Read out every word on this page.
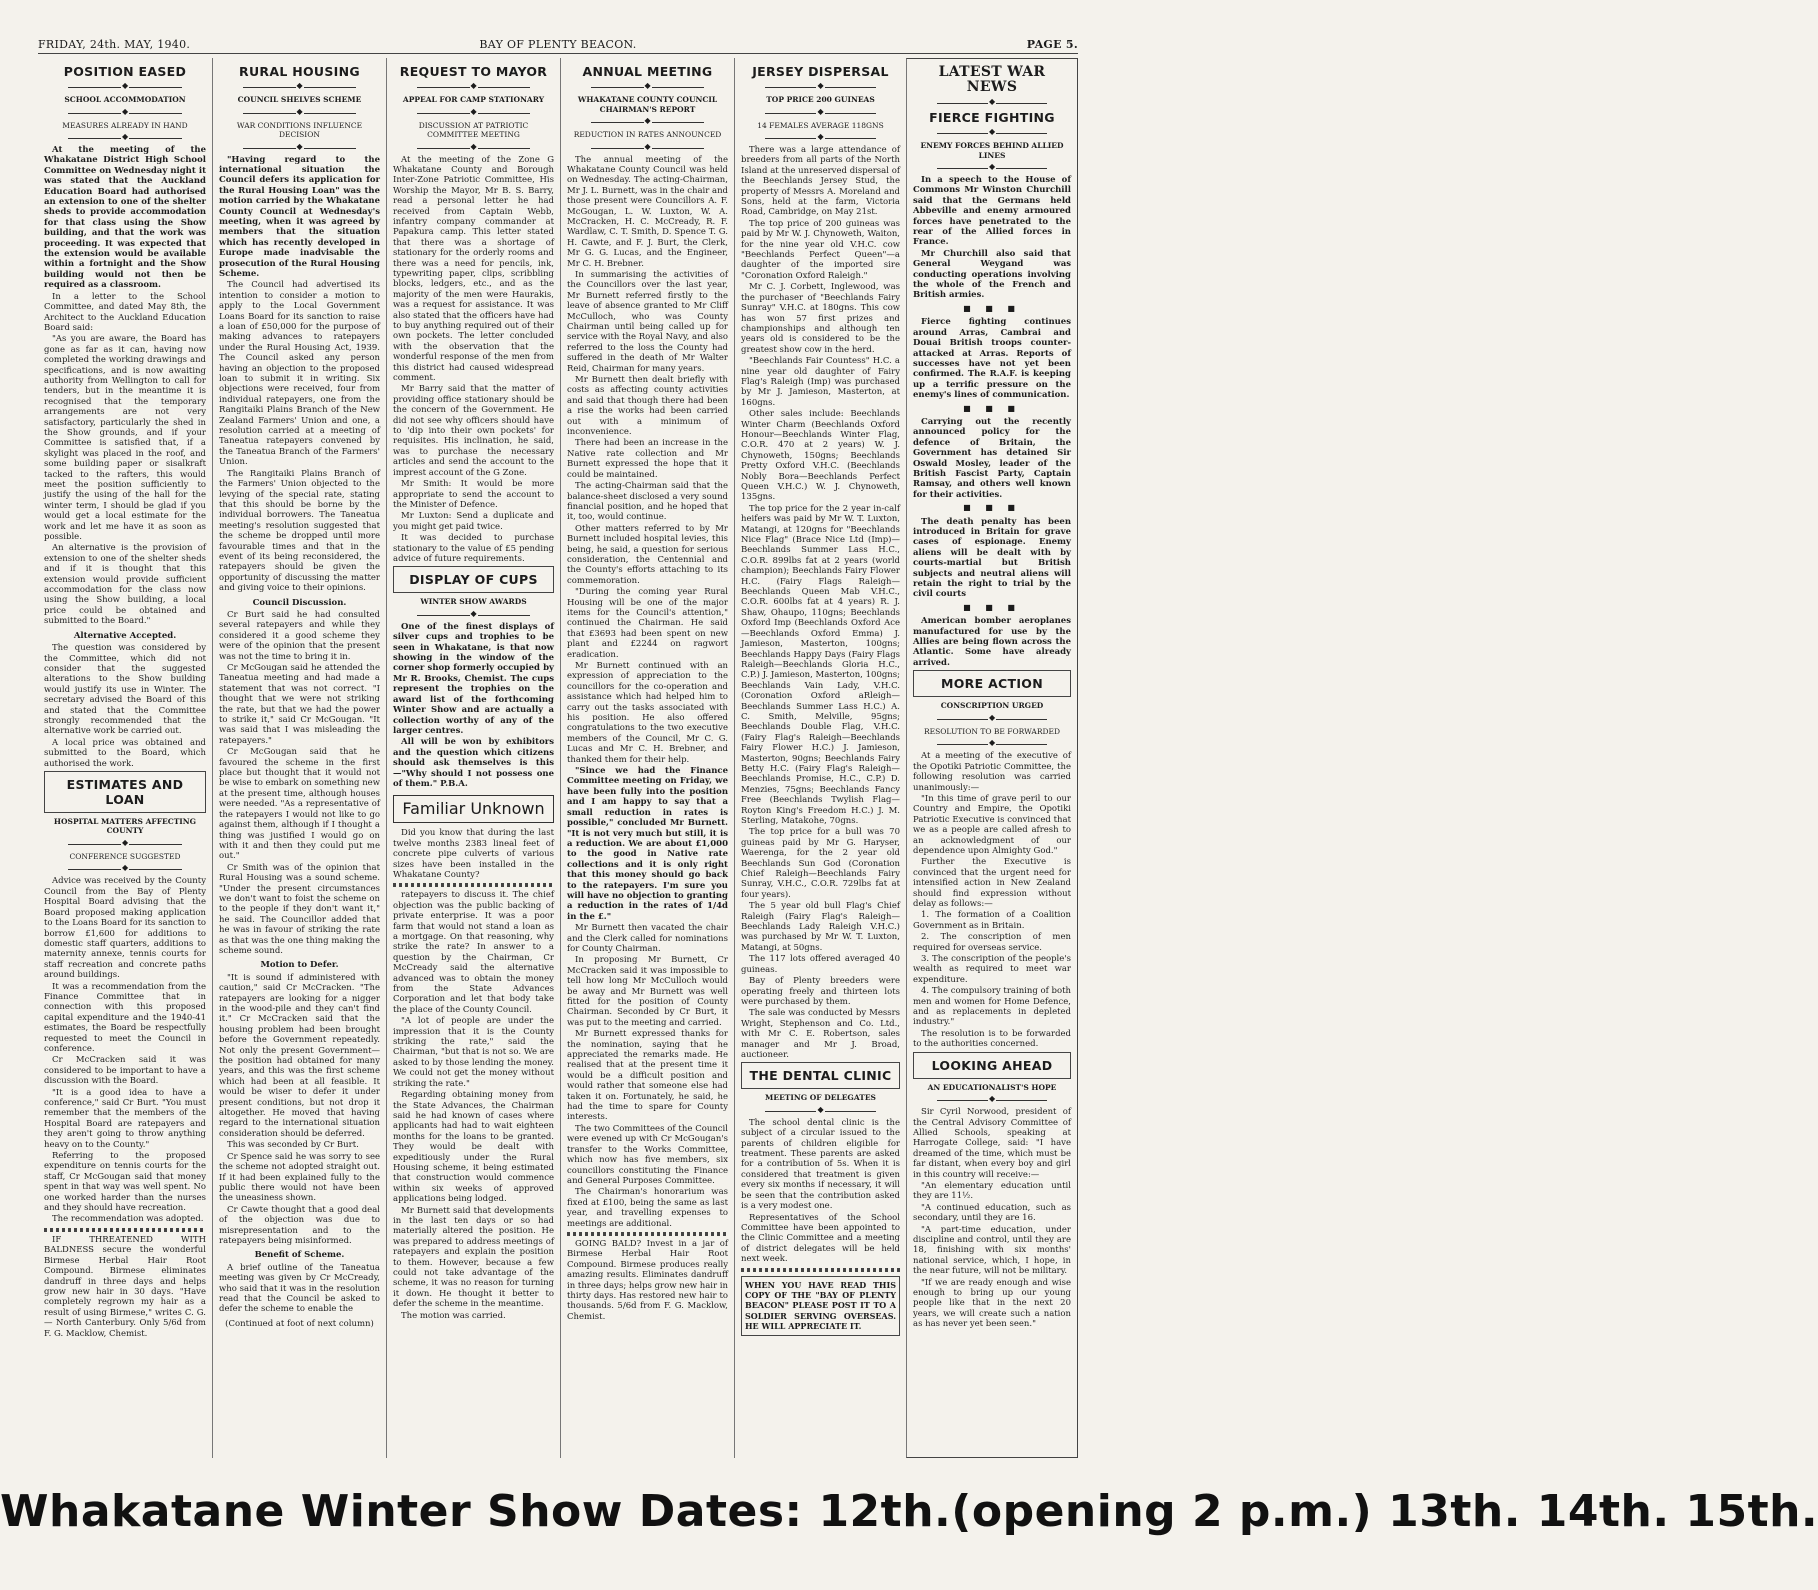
FRIDAY, 24th. MAY, 1940.	BAY OF PLENTY BEACON.	PAGE 5.
POSITION EASED
◆
SCHOOL ACCOMMODATION
◆
MEASURES ALREADY IN HAND
◆

At the meeting of the Whakatane District High School Committee on Wednesday night it was stated that the Auckland Education Board had authorised an extension to one of the shelter sheds to provide accommodation for that class using the Show building, and that the work was proceeding. It was expected that the extension would be available within a fortnight and the Show building would not then be required as a classroom.

In a letter to the School Committee, and dated May 8th, the Architect to the Auckland Education Board said:

"As you are aware, the Board has gone as far as it can, having now completed the working drawings and specifications, and is now awaiting authority from Wellington to call for tenders, but in the meantime it is recognised that the temporary arrangements are not very satisfactory, particularly the shed in the Show grounds, and if your Committee is satisfied that, if a skylight was placed in the roof, and some building paper or sisalkraft tacked to the rafters, this would meet the position sufficiently to justify the using of the hall for the winter term, I should be glad if you would get a local estimate for the work and let me have it as soon as possible.

An alternative is the provision of extension to one of the shelter sheds and if it is thought that this extension would provide sufficient accommodation for the class now using the Show building, a local price could be obtained and submitted to the Board."

Alternative Accepted.

The question was considered by the Committee, which did not consider that the suggested alterations to the Show building would justify its use in Winter. The secretary advised the Board of this and stated that the Committee strongly recommended that the alternative work be carried out.

A local price was obtained and submitted to the Board, which authorised the work.

ESTIMATES AND LOAN
HOSPITAL MATTERS AFFECTING COUNTY
◆
CONFERENCE SUGGESTED
◆

Advice was received by the County Council from the Bay of Plenty Hospital Board advising that the Board proposed making application to the Loans Board for its sanction to borrow £1,600 for additions to domestic staff quarters, additions to maternity annexe, tennis courts for staff recreation and concrete paths around buildings.

It was a recommendation from the Finance Committee that in connection with this proposed capital expenditure and the 1940-41 estimates, the Board be respectfully requested to meet the Council in conference.

Cr McCracken said it was considered to be important to have a discussion with the Board.

"It is a good idea to have a conference," said Cr Burt. "You must remember that the members of the Hospital Board are ratepayers and they aren't going to throw anything heavy on to the County."

Referring to the proposed expenditure on tennis courts for the staff, Cr McGougan said that money spent in that way was well spent. No one worked harder than the nurses and they should have recreation.

The recommendation was adopted.

IF THREATENED WITH BALDNESS secure the wonderful Birmese Herbal Hair Root Compound. Birmese eliminates dandruff in three days and helps grow new hair in 30 days. "Have completely regrown my hair as a result of using Birmese," writes C. G. — North Canterbury. Only 5/6d from F. G. Macklow, Chemist.

RURAL HOUSING
◆
COUNCIL SHELVES SCHEME
◆
WAR CONDITIONS INFLUENCE DECISION
◆

"Having regard to the international situation the Council defers its application for the Rural Housing Loan" was the motion carried by the Whakatane County Council at Wednesday's meeting, when it was agreed by members that the situation which has recently developed in Europe made inadvisable the prosecution of the Rural Housing Scheme.

The Council had advertised its intention to consider a motion to apply to the Local Government Loans Board for its sanction to raise a loan of £50,000 for the purpose of making advances to ratepayers under the Rural Housing Act, 1939. The Council asked any person having an objection to the proposed loan to submit it in writing. Six objections were received, four from individual ratepayers, one from the Rangitaiki Plains Branch of the New Zealand Farmers' Union and one, a resolution carried at a meeting of Taneatua ratepayers convened by the Taneatua Branch of the Farmers' Union.

The Rangitaiki Plains Branch of the Farmers' Union objected to the levying of the special rate, stating that this should be borne by the individual borrowers. The Taneatua meeting's resolution suggested that the scheme be dropped until more favourable times and that in the event of its being reconsidered, the ratepayers should be given the opportunity of discussing the matter and giving voice to their opinions.

Council Discussion.

Cr Burt said he had consulted several ratepayers and while they considered it a good scheme they were of the opinion that the present was not the time to bring it in.

Cr McGougan said he attended the Taneatua meeting and had made a statement that was not correct. "I thought that we were not striking the rate, but that we had the power to strike it," said Cr McGougan. "It was said that I was misleading the ratepayers."

Cr McGougan said that he favoured the scheme in the first place but thought that it would not be wise to embark on something new at the present time, although houses were needed. "As a representative of the ratepayers I would not like to go against them, although if I thought a thing was justified I would go on with it and then they could put me out."

Cr Smith was of the opinion that Rural Housing was a sound scheme. "Under the present circumstances we don't want to foist the scheme on to the people if they don't want it," he said. The Councillor added that he was in favour of striking the rate as that was the one thing making the scheme sound.

Motion to Defer.

"It is sound if administered with caution," said Cr McCracken. "The ratepayers are looking for a nigger in the wood-pile and they can't find it." Cr McCracken said that the housing problem had been brought before the Government repeatedly. Not only the present Government—the position had obtained for many years, and this was the first scheme which had been at all feasible. It would be wiser to defer it under present conditions, but not drop it altogether. He moved that having regard to the international situation consideration should be deferred.

This was seconded by Cr Burt.

Cr Spence said he was sorry to see the scheme not adopted straight out. If it had been explained fully to the public there would not have been the uneasiness shown.

Cr Cawte thought that a good deal of the objection was due to misrepresentation and to the ratepayers being misinformed.

Benefit of Scheme.

A brief outline of the Taneatua meeting was given by Cr McCready, who said that it was in the resolution read that the Council be asked to defer the scheme to enable the

(Continued at foot of next column)
REQUEST TO MAYOR
◆
APPEAL FOR CAMP STATIONARY
◆
DISCUSSION AT PATRIOTIC COMMITTEE MEETING
◆

At the meeting of the Zone G Whakatane County and Borough Inter-Zone Patriotic Committee, His Worship the Mayor, Mr B. S. Barry, read a personal letter he had received from Captain Webb, infantry company commander at Papakura camp. This letter stated that there was a shortage of stationary for the orderly rooms and there was a need for pencils, ink, typewriting paper, clips, scribbling blocks, ledgers, etc., and as the majority of the men were Haurakis, was a request for assistance. It was also stated that the officers have had to buy anything required out of their own pockets. The letter concluded with the observation that the wonderful response of the men from this district had caused widespread comment.

Mr Barry said that the matter of providing office stationary should be the concern of the Government. He did not see why officers should have to 'dip into their own pockets' for requisites. His inclination, he said, was to purchase the necessary articles and send the account to the imprest account of the G Zone.

Mr Smith: It would be more appropriate to send the account to the Minister of Defence.

Mr Luxton: Send a duplicate and you might get paid twice.

It was decided to purchase stationary to the value of £5 pending advice of future requirements.

DISPLAY OF CUPS
WINTER SHOW AWARDS
◆

One of the finest displays of silver cups and trophies to be seen in Whakatane, is that now showing in the window of the corner shop formerly occupied by Mr R. Brooks, Chemist. The cups represent the trophies on the award list of the forthcoming Winter Show and are actually a collection worthy of any of the larger centres.

All will be won by exhibitors and the question which citizens should ask themselves is this—"Why should I not possess one of them." P.B.A.

Familiar Unknown

Did you know that during the last twelve months 2383 lineal feet of concrete pipe culverts of various sizes have been installed in the Whakatane County?

ratepayers to discuss it. The chief objection was the public backing of private enterprise. It was a poor farm that would not stand a loan as a mortgage. On that reasoning, why strike the rate? In answer to a question by the Chairman, Cr McCready said the alternative advanced was to obtain the money from the State Advances Corporation and let that body take the place of the County Council.

"A lot of people are under the impression that it is the County striking the rate," said the Chairman, "but that is not so. We are asked to by those lending the money. We could not get the money without striking the rate."

Regarding obtaining money from the State Advances, the Chairman said he had known of cases where applicants had had to wait eighteen months for the loans to be granted. They would be dealt with expeditiously under the Rural Housing scheme, it being estimated that construction would commence within six weeks of approved applications being lodged.

Mr Burnett said that developments in the last ten days or so had materially altered the position. He was prepared to address meetings of ratepayers and explain the position to them. However, because a few could not take advantage of the scheme, it was no reason for turning it down. He thought it better to defer the scheme in the meantime.

The motion was carried.

ANNUAL MEETING
◆
WHAKATANE COUNTY COUNCIL CHAIRMAN'S REPORT
◆
REDUCTION IN RATES ANNOUNCED
◆

The annual meeting of the Whakatane County Council was held on Wednesday. The acting-Chairman, Mr J. L. Burnett, was in the chair and those present were Councillors A. F. McGougan, L. W. Luxton, W. A. McCracken, H. C. McCready, R. F. Wardlaw, C. T. Smith, D. Spence T. G. H. Cawte, and F. J. Burt, the Clerk, Mr G. G. Lucas, and the Engineer, Mr C. H. Brebner.

In summarising the activities of the Councillors over the last year, Mr Burnett referred firstly to the leave of absence granted to Mr Cliff McCulloch, who was County Chairman until being called up for service with the Royal Navy, and also referred to the loss the County had suffered in the death of Mr Walter Reid, Chairman for many years.

Mr Burnett then dealt briefly with costs as affecting county activities and said that though there had been a rise the works had been carried out with a minimum of inconvenience.

There had been an increase in the Native rate collection and Mr Burnett expressed the hope that it could be maintained.

The acting-Chairman said that the balance-sheet disclosed a very sound financial position, and he hoped that it, too, would continue.

Other matters referred to by Mr Burnett included hospital levies, this being, he said, a question for serious consideration, the Centennial and the County's efforts attaching to its commemoration.

"During the coming year Rural Housing will be one of the major items for the Council's attention," continued the Chairman. He said that £3693 had been spent on new plant and £2244 on ragwort eradication.

Mr Burnett continued with an expression of appreciation to the councillors for the co-operation and assistance which had helped him to carry out the tasks associated with his position. He also offered congratulations to the two executive members of the Council, Mr C. G. Lucas and Mr C. H. Brebner, and thanked them for their help.

"Since we had the Finance Committee meeting on Friday, we have been fully into the position and I am happy to say that a small reduction in rates is possible," concluded Mr Burnett. "It is not very much but still, it is a reduction. We are about £1,000 to the good in Native rate collections and it is only right that this money should go back to the ratepayers. I'm sure you will have no objection to granting a reduction in the rates of 1/4d in the £."

Mr Burnett then vacated the chair and the Clerk called for nominations for County Chairman.

In proposing Mr Burnett, Cr McCracken said it was impossible to tell how long Mr McCulloch would be away and Mr Burnett was well fitted for the position of County Chairman. Seconded by Cr Burt, it was put to the meeting and carried.

Mr Burnett expressed thanks for the nomination, saying that he appreciated the remarks made. He realised that at the present time it would be a difficult position and would rather that someone else had taken it on. Fortunately, he said, he had the time to spare for County interests.

The two Committees of the Council were evened up with Cr McGougan's transfer to the Works Committee, which now has five members, six councillors constituting the Finance and General Purposes Committee.

The Chairman's honorarium was fixed at £100, being the same as last year, and travelling expenses to meetings are additional.

GOING BALD? Invest in a jar of Birmese Herbal Hair Root Compound. Birmese produces really amazing results. Eliminates dandruff in three days; helps grow new hair in thirty days. Has restored new hair to thousands. 5/6d from F. G. Macklow, Chemist.

JERSEY DISPERSAL
◆
TOP PRICE 200 GUINEAS
◆
14 FEMALES AVERAGE 118GNS
◆

There was a large attendance of breeders from all parts of the North Island at the unreserved dispersal of the Beechlands Jersey Stud, the property of Messrs A. Moreland and Sons, held at the farm, Victoria Road, Cambridge, on May 21st.

The top price of 200 guineas was paid by Mr W. J. Chynoweth, Waiton, for the nine year old V.H.C. cow "Beechlands Perfect Queen"—a daughter of the imported sire "Coronation Oxford Raleigh."

Mr C. J. Corbett, Inglewood, was the purchaser of "Beechlands Fairy Sunray" V.H.C. at 180gns. This cow has won 57 first prizes and championships and although ten years old is considered to be the greatest show cow in the herd.

"Beechlands Fair Countess" H.C. a nine year old daughter of Fairy Flag's Raleigh (Imp) was purchased by Mr J. Jamieson, Masterton, at 160gns.

Other sales include: Beechlands Winter Charm (Beechlands Oxford Honour—Beechlands Winter Flag, C.O.R. 470 at 2 years) W. J. Chynoweth, 150gns; Beechlands Pretty Oxford V.H.C. (Beechlands Nobly Bora—Beechlands Perfect Queen V.H.C.) W. J. Chynoweth, 135gns.

The top price for the 2 year in-calf heifers was paid by Mr W. T. Luxton, Matangi, at 120gns for "Beechlands Nice Flag" (Brace Nice Ltd (Imp)—Beechlands Summer Lass H.C., C.O.R. 899lbs fat at 2 years (world champion); Beechlands Fairy Flower H.C. (Fairy Flags Raleigh—Beechlands Queen Mab V.H.C., C.O.R. 600lbs fat at 4 years) R. J. Shaw, Ohaupo, 110gns; Beechlands Oxford Imp (Beechlands Oxford Ace—Beechlands Oxford Emma) J. Jamieson, Masterton, 100gns; Beechlands Happy Days (Fairy Flags Raleigh—Beechlands Gloria H.C., C.P.) J. Jamieson, Masterton, 100gns; Beechlands Vain Lady, V.H.C. (Coronation Oxford aRleigh—Beechlands Summer Lass H.C.) A. C. Smith, Melville, 95gns; Beechlands Double Flag, V.H.C. (Fairy Flag's Raleigh—Beechlands Fairy Flower H.C.) J. Jamieson, Masterton, 90gns; Beechlands Fairy Betty H.C. (Fairy Flag's Raleigh—Beechlands Promise, H.C., C.P.) D. Menzies, 75gns; Beechlands Fancy Free (Beechlands Twylish Flag—Royton King's Freedom H.C.) J. M. Sterling, Matakohe, 70gns.

The top price for a bull was 70 guineas paid by Mr G. Haryser, Waerenga, for the 2 year old Beechlands Sun God (Coronation Chief Raleigh—Beechlands Fairy Sunray, V.H.C., C.O.R. 729lbs fat at four years).

The 5 year old bull Flag's Chief Raleigh (Fairy Flag's Raleigh—Beechlands Lady Raleigh V.H.C.) was purchased by Mr W. T. Luxton, Matangi, at 50gns.

The 117 lots offered averaged 40 guineas.

Bay of Plenty breeders were operating freely and thirteen lots were purchased by them.

The sale was conducted by Messrs Wright, Stephenson and Co. Ltd., with Mr C. E. Robertson, sales manager and Mr J. Broad, auctioneer.

THE DENTAL CLINIC
MEETING OF DELEGATES
◆

The school dental clinic is the subject of a circular issued to the parents of children eligible for treatment. These parents are asked for a contribution of 5s. When it is considered that treatment is given every six months if necessary, it will be seen that the contribution asked is a very modest one.

Representatives of the School Committee have been appointed to the Clinic Committee and a meeting of district delegates will be held next week.

WHEN YOU HAVE READ THIS COPY OF THE "BAY OF PLENTY BEACON" PLEASE POST IT TO A SOLDIER SERVING OVERSEAS. HE WILL APPRECIATE IT.
LATEST WAR NEWS
◆
FIERCE FIGHTING
◆
ENEMY FORCES BEHIND ALLIED LINES
◆

In a speech to the House of Commons Mr Winston Churchill said that the Germans held Abbeville and enemy armoured forces have penetrated to the rear of the Allied forces in France.

Mr Churchill also said that General Weygand was conducting operations involving the whole of the French and British armies.

■ ■ ■

Fierce fighting continues around Arras, Cambrai and Douai British troops counter-attacked at Arras. Reports of successes have not yet been confirmed. The R.A.F. is keeping up a terrific pressure on the enemy's lines of communication.

■ ■ ■

Carrying out the recently announced policy for the defence of Britain, the Government has detained Sir Oswald Mosley, leader of the British Fascist Party, Captain Ramsay, and others well known for their activities.

■ ■ ■

The death penalty has been introduced in Britain for grave cases of espionage. Enemy aliens will be dealt with by courts-martial but British subjects and neutral aliens will retain the right to trial by the civil courts

■ ■ ■

American bomber aeroplanes manufactured for use by the Allies are being flown across the Atlantic. Some have already arrived.

MORE ACTION
CONSCRIPTION URGED
◆
RESOLUTION TO BE FORWARDED
◆

At a meeting of the executive of the Opotiki Patriotic Committee, the following resolution was carried unanimously:—

"In this time of grave peril to our Country and Empire, the Opotiki Patriotic Executive is convinced that we as a people are called afresh to an acknowledgment of our dependence upon Almighty God."

Further the Executive is convinced that the urgent need for intensified action in New Zealand should find expression without delay as follows:—

1. The formation of a Coalition Government as in Britain.

2. The conscription of men required for overseas service.

3. The conscription of the people's wealth as required to meet war expenditure.

4. The compulsory training of both men and women for Home Defence, and as replacements in depleted industry."

The resolution is to be forwarded to the authorities concerned.

LOOKING AHEAD
AN EDUCATIONALIST'S HOPE
◆

Sir Cyril Norwood, president of the Central Advisory Committee of Allied Schools, speaking at Harrogate College, said: "I have dreamed of the time, which must be far distant, when every boy and girl in this country will receive:—

"An elementary education until they are 11½.

"A continued education, such as secondary, until they are 16.

"A part-time education, under discipline and control, until they are 18, finishing with six months' national service, which, I hope, in the near future, will not be military.

"If we are ready enough and wise enough to bring up our young people like that in the next 20 years, we will create such a nation as has never yet been seen."

Whakatane Winter Show Dates: 12th.(opening 2 p.m.) 13th. 14th. 15th.
